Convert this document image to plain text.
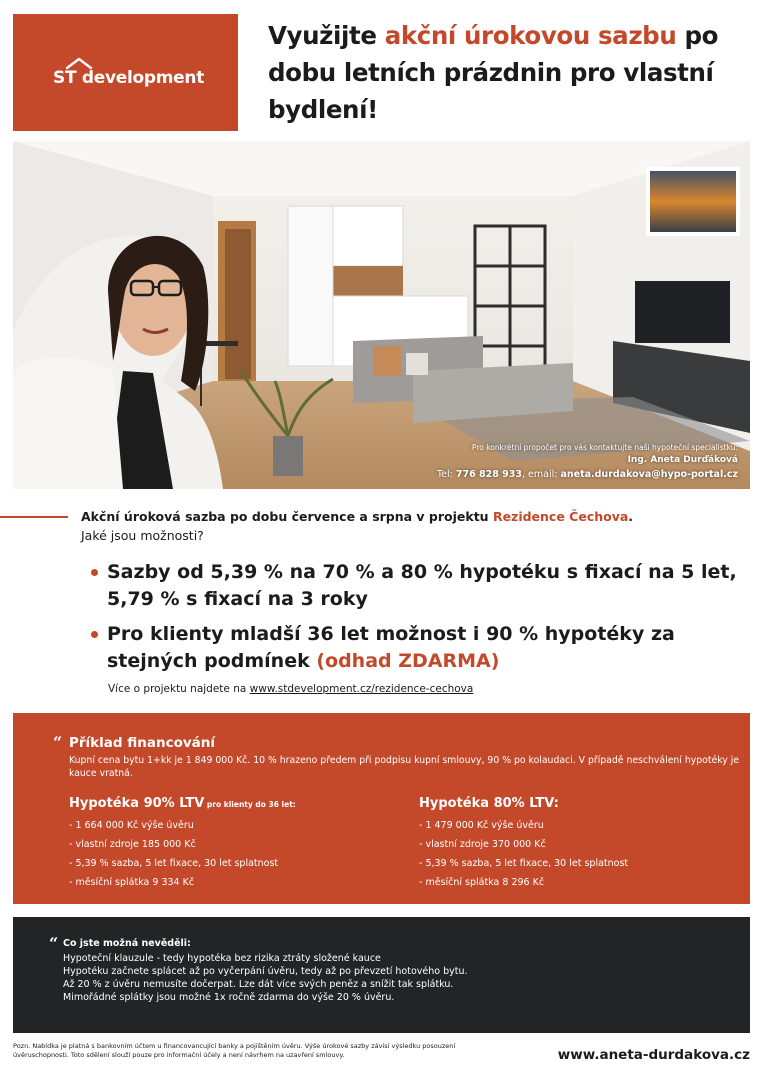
ST development
Využijte akční úrokovou sazbu po dobu letních prázdnin pro vlastní bydlení!
Pro konkrétní propočet pro vás kontaktujte naši hypoteční specialistku:
Ing. Aneta Durďáková
Tel: 776 828 933, email: aneta.durdakova@hypo-portal.cz
Akční úroková sazba po dobu července a srpna v projektu Rezidence Čechova.
Jaké jsou možnosti?
Sazby od 5,39 % na 70 % a 80 % hypotéku s fixací na 5 let, 5,79 % s fixací na 3 roky
Pro klienty mladší 36 let možnost i 90 % hypotéky za stejných podmínek (odhad ZDARMA)
Více o projektu najdete na www.stdevelopment.cz/rezidence-cechova
“ Příklad financování
Kupní cena bytu 1+kk je 1 849 000 Kč. 10 % hrazeno předem při podpisu kupní smlouvy, 90 % po kolaudaci. V případě neschválení hypotéky je kauce vratná.
Hypotéka 90% LTV pro klienty do 36 let:
- 1 664 000 Kč výše úvěru
- vlastní zdroje 185 000 Kč
- 5,39 % sazba, 5 let fixace, 30 let splatnost
- měsíční splátka 9 334 Kč
Hypotéka 80% LTV:
- 1 479 000 Kč výše úvěru
- vlastní zdroje 370 000 Kč
- 5,39 % sazba, 5 let fixace, 30 let splatnost
- měsíční splátka 8 296 Kč
“ Co jste možná nevěděli:
Hypoteční klauzule - tedy hypotéka bez rizika ztráty složené kauce
Hypotéku začnete splácet až po vyčerpání úvěru, tedy až po převzetí hotového bytu.
Až 20 % z úvěru nemusíte dočerpat. Lze dát více svých peněz a snížit tak splátku.
Mimořádné splátky jsou možné 1x ročně zdarma do výše 20 % úvěru.
Pozn. Nabídka je platná s bankovním účtem u financovancující banky a pojištěním úvěru. Výše úrokové sazby závisí výsledku posouzení úvěruschopnosti. Toto sdělení slouží pouze pro informační účely a není návrhem na uzavření smlouvy.	www.aneta-durdakova.cz
